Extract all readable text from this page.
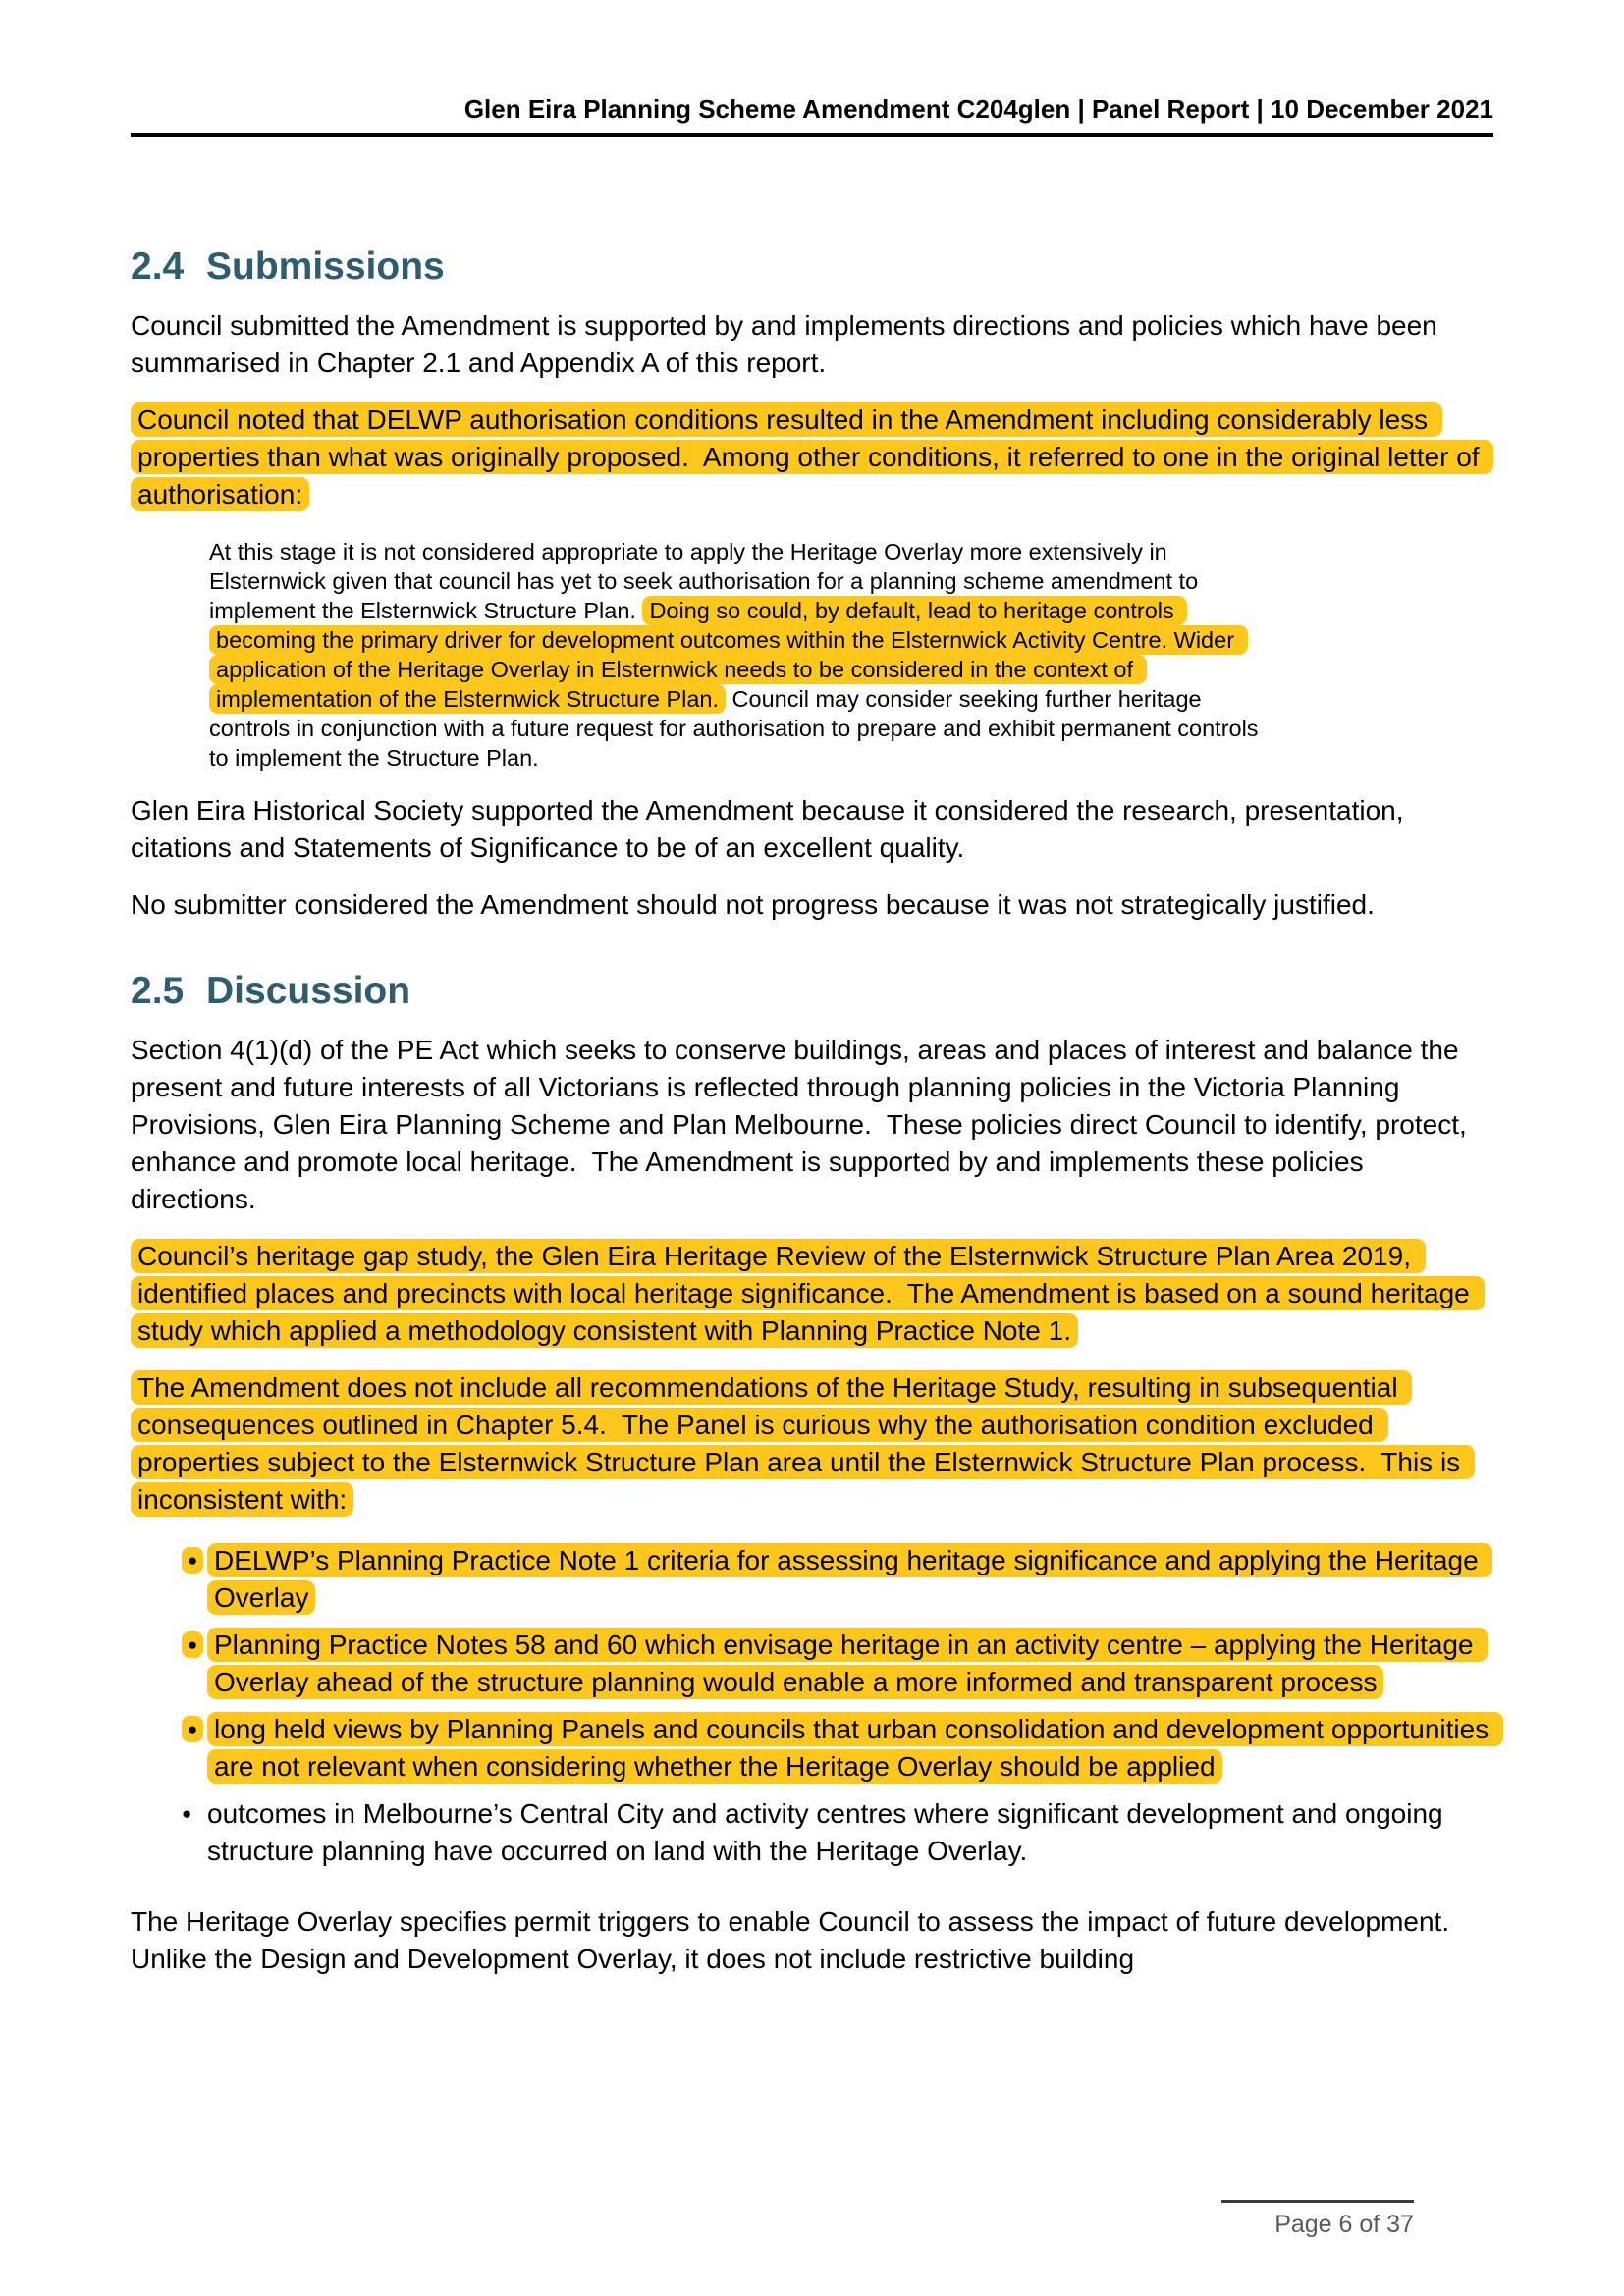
Glen Eira Planning Scheme Amendment C204glen | Panel Report | 10 December 2021
2.4 Submissions

Council submitted the Amendment is supported by and implements directions and policies which have been summarised in Chapter 2.1 and Appendix A of this report.

Council noted that DELWP authorisation conditions resulted in the Amendment including considerably less properties than what was originally proposed.  Among other conditions, it referred to one in the original letter of authorisation:

At this stage it is not considered appropriate to apply the Heritage Overlay more extensively in Elsternwick given that council has yet to seek authorisation for a planning scheme amendment to implement the Elsternwick Structure Plan. Doing so could, by default, lead to heritage controls becoming the primary driver for development outcomes within the Elsternwick Activity Centre. Wider application of the Heritage Overlay in Elsternwick needs to be considered in the context of implementation of the Elsternwick Structure Plan. Council may consider seeking further heritage controls in conjunction with a future request for authorisation to prepare and exhibit permanent controls to implement the Structure Plan.

Glen Eira Historical Society supported the Amendment because it considered the research, presentation, citations and Statements of Significance to be of an excellent quality.

No submitter considered the Amendment should not progress because it was not strategically justified.

2.5 Discussion

Section 4(1)(d) of the PE Act which seeks to conserve buildings, areas and places of interest and balance the present and future interests of all Victorians is reflected through planning policies in the Victoria Planning Provisions, Glen Eira Planning Scheme and Plan Melbourne.  These policies direct Council to identify, protect, enhance and promote local heritage.  The Amendment is supported by and implements these policies directions.

Council’s heritage gap study, the Glen Eira Heritage Review of the Elsternwick Structure Plan Area 2019, identified places and precincts with local heritage significance.  The Amendment is based on a sound heritage study which applied a methodology consistent with Planning Practice Note 1.

The Amendment does not include all recommendations of the Heritage Study, resulting in subsequential consequences outlined in Chapter 5.4.  The Panel is curious why the authorisation condition excluded properties subject to the Elsternwick Structure Plan area until the Elsternwick Structure Plan process.  This is inconsistent with:

● DELWP’s Planning Practice Note 1 criteria for assessing heritage significance and applying the Heritage Overlay
● Planning Practice Notes 58 and 60 which envisage heritage in an activity centre – applying the Heritage Overlay ahead of the structure planning would enable a more informed and transparent process
● long held views by Planning Panels and councils that urban consolidation and development opportunities are not relevant when considering whether the Heritage Overlay should be applied
● outcomes in Melbourne’s Central City and activity centres where significant development and ongoing structure planning have occurred on land with the Heritage Overlay.

The Heritage Overlay specifies permit triggers to enable Council to assess the impact of future development.  Unlike the Design and Development Overlay, it does not include restrictive building

Page 6 of 37
